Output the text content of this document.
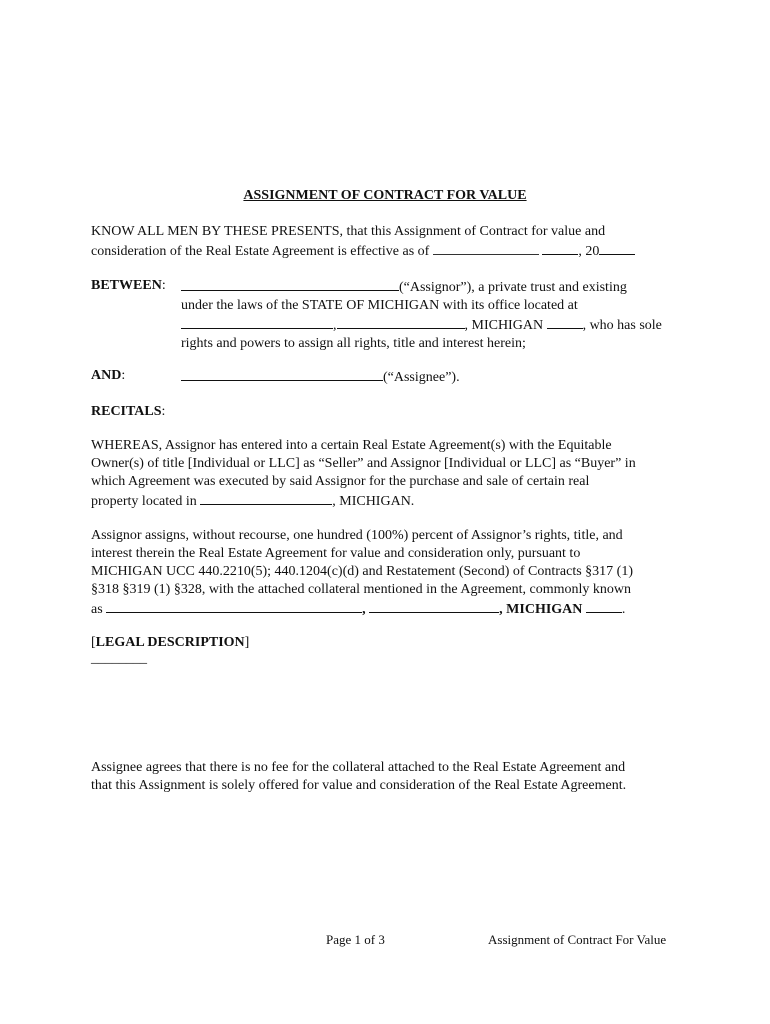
ASSIGNMENT OF CONTRACT FOR VALUE
KNOW ALL MEN BY THESE PRESENTS, that this Assignment of Contract for value and
consideration of the Real Estate Agreement is effective as of	, 20
BETWEEN:	(“Assignor”), a private trust and existing
under the laws of the STATE OF MICHIGAN with its office located at
,	, MICHIGAN	, who has sole
rights and powers to assign all rights, title and interest herein;
AND:	(“Assignee”).
RECITALS:
WHEREAS, Assignor has entered into a certain Real Estate Agreement(s) with the Equitable
Owner(s) of title [Individual or LLC] as “Seller” and Assignor [Individual or LLC] as “Buyer” in
which Agreement was executed by said Assignor for the purchase and sale of certain real
property located in	, MICHIGAN.
Assignor assigns, without recourse, one hundred (100%) percent of Assignor’s rights, title, and
interest therein the Real Estate Agreement for value and consideration only, pursuant to
MICHIGAN UCC 440.2210(5); 440.1204(c)(d) and Restatement (Second) of Contracts §317 (1)
§318 §319 (1) §328, with the attached collateral mentioned in the Agreement, commonly known
as	,	, MICHIGAN	.
[LEGAL DESCRIPTION]
________
Assignee agrees that there is no fee for the collateral attached to the Real Estate Agreement and
that this Assignment is solely offered for value and consideration of the Real Estate Agreement.
Page 1 of 3	Assignment of Contract For Value
